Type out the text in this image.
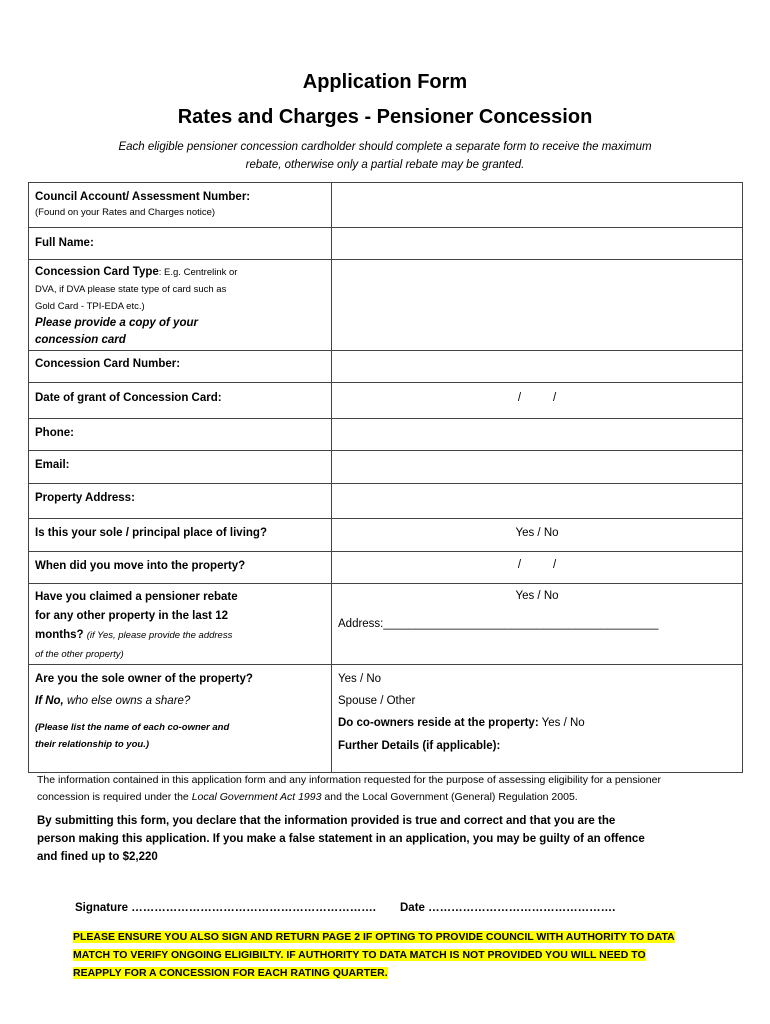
Application Form
Rates and Charges - Pensioner Concession
Each eligible pensioner concession cardholder should complete a separate form to receive the maximum
rebate, otherwise only a partial rebate may be granted.
Council Account/ Assessment Number:
(Found on your Rates and Charges notice)	

Full Name:	

Concession Card Type: E.g. Centrelink or
DVA, if DVA please state type of card such as
Gold Card - TPI-EDA etc.)
Please provide a copy of your
concession card	

Concession Card Number:	
Date of grant of Concession Card:	/          /
Phone:	
Email:	
Property Address:	
Is this your sole / principal place of living?	Yes / No
When did you move into the property?	/          /

Have you claimed a pensioner rebate
for any other property in the last 12
months? (if Yes, please provide the address
of the other property)	Yes / No
Address:___________________________________________

Are you the sole owner of the property?
If No, who else owns a share?
(Please list the name of each co-owner and
their relationship to you.)	Yes / No
Spouse / Other
Do co-owners reside at the property: Yes / No
Further Details (if applicable):
The information contained in this application form and any information requested for the purpose of assessing eligibility for a pensioner
concession is required under the Local Government Act 1993 and the Local Government (General) Regulation 2005.
By submitting this form, you declare that the information provided is true and correct and that you are the
person making this application. If you make a false statement in an application, you may be guilty of an offence
and fined up to $2,220
Signature ………………………………………………………. Date ………………………………………….
PLEASE ENSURE YOU ALSO SIGN AND RETURN PAGE 2 IF OPTING TO PROVIDE COUNCIL WITH AUTHORITY TO DATA
MATCH TO VERIFY ONGOING ELIGIBILTY. IF AUTHORITY TO DATA MATCH IS NOT PROVIDED YOU WILL NEED TO
REAPPLY FOR A CONCESSION FOR EACH RATING QUARTER.
